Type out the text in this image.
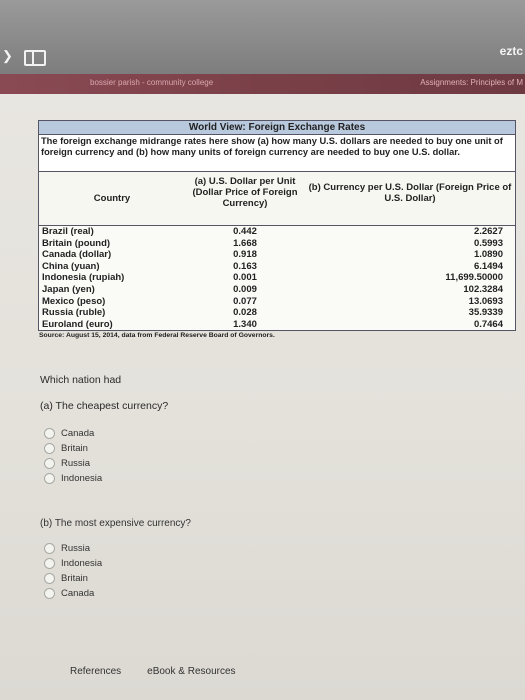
❯	eztc
bossier parish - community college	Assignments: Principles of M
World View: Foreign Exchange Rates
The foreign exchange midrange rates here show (a) how many U.S. dollars are needed to buy one unit of foreign currency and (b) how many units of foreign currency are needed to buy one U.S. dollar.
Country
(a) U.S. Dollar per Unit (Dollar Price of Foreign Currency)
(b) Currency per U.S. Dollar (Foreign Price of U.S. Dollar)
Brazil (real)	0.442	2.2627
Britain (pound)	1.668	0.5993
Canada (dollar)	0.918	1.0890
China (yuan)	0.163	6.1494
Indonesia (rupiah)	0.001	11,699.50000
Japan (yen)	0.009	102.3284
Mexico (peso)	0.077	13.0693
Russia (ruble)	0.028	35.9339
Euroland (euro)	1.340	0.7464
Source: August 15, 2014, data from Federal Reserve Board of Governors.
Which nation had
(a) The cheapest currency?
Canada
Britain
Russia
Indonesia
(b) The most expensive currency?
Russia
Indonesia
Britain
Canada
References	eBook & Resources
